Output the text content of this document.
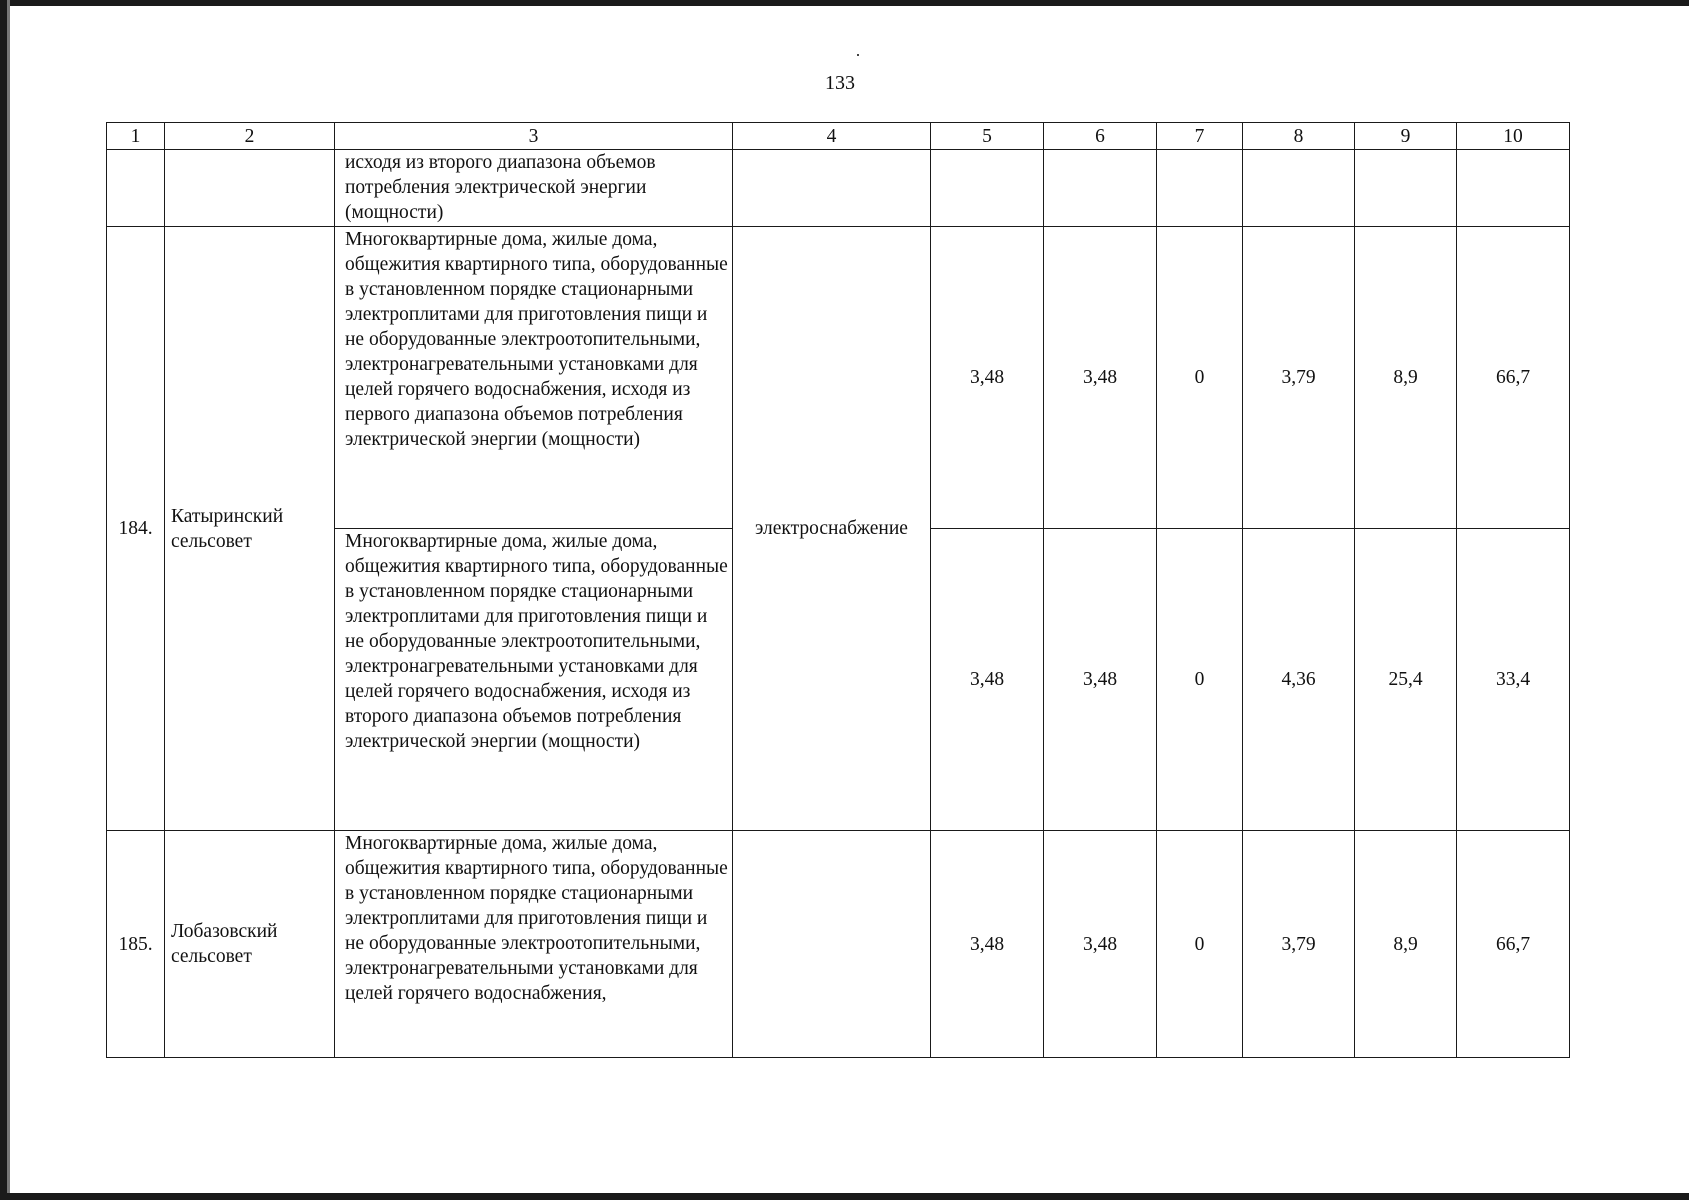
133
1	2	3	4	5	6	7	8	9	10
		исходя из второго диапазона объемов потребления электрической энергии (мощности)							
184.	Катыринский сельсовет	Многоквартирные дома, жилые дома, общежития квартирного типа, оборудованные в установленном порядке стационарными электроплитами для приготовления пищи и не оборудованные электроотопительными, электронагревательными установками для целей горячего водоснабжения, исходя из первого диапазона объемов потребления электрической энергии (мощности)	электроснабжение	3,48	3,48	0	3,79	8,9	66,7
		Многоквартирные дома, жилые дома, общежития квартирного типа, оборудованные в установленном порядке стационарными электроплитами для приготовления пищи и не оборудованные электроотопительными, электронагревательными установками для целей горячего водоснабжения, исходя из второго диапазона объемов потребления электрической энергии (мощности)		3,48	3,48	0	4,36	25,4	33,4
185.	Лобазовский сельсовет	Многоквартирные дома, жилые дома, общежития квартирного типа, оборудованные в установленном порядке стационарными электроплитами для приготовления пищи и не оборудованные электроотопительными, электронагревательными установками для целей горячего водоснабжения,		3,48	3,48	0	3,79	8,9	66,7
